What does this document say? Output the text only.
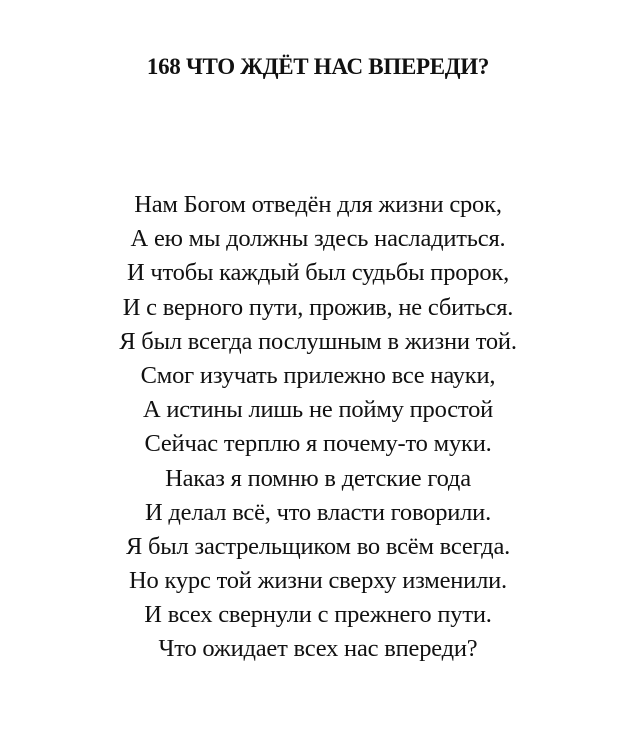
168 ЧТО ЖДЁТ НАС ВПЕРЕДИ?
Нам Богом отведён для жизни срок,
А ею мы должны здесь насладиться.
И чтобы каждый был судьбы пророк,
И с верного пути, прожив, не сбиться.
Я был всегда послушным в жизни той.
Смог изучать прилежно все науки,
А истины лишь не пойму простой
Сейчас терплю я почему-то муки.
Наказ я помню в детские года
И делал всё, что власти говорили.
Я был застрельщиком во всём всегда.
Но курс той жизни сверху изменили.
И всех свернули с прежнего пути.
Что ожидает всех нас впереди?
